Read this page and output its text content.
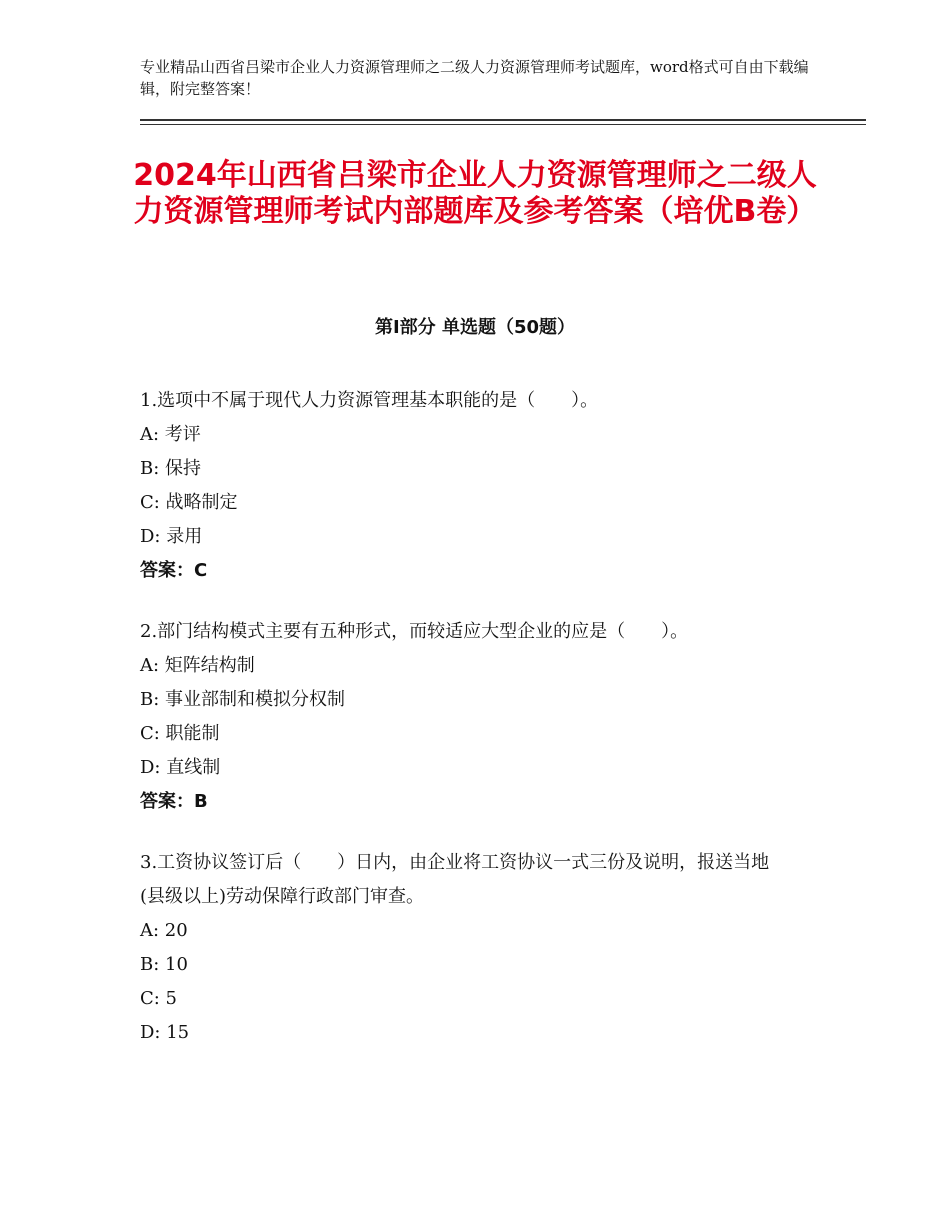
专业精品山西省吕梁市企业人力资源管理师之二级人力资源管理师考试题库，word格式可自由下载编辑，附完整答案！
2024年山西省吕梁市企业人力资源管理师之二级人力资源管理师考试内部题库及参考答案（培优B卷）
第Ⅰ部分 单选题（50题）
1.选项中不属于现代人力资源管理基本职能的是（　　）。
A: 考评
B: 保持
C: 战略制定
D: 录用
答案：C
2.部门结构模式主要有五种形式，而较适应大型企业的应是（　　）。
A: 矩阵结构制
B: 事业部制和模拟分权制
C: 职能制
D: 直线制
答案：B
3.工资协议签订后（　　）日内，由企业将工资协议一式三份及说明，报送当地(县级以上)劳动保障行政部门审查。
A: 20
B: 10
C: 5
D: 15
